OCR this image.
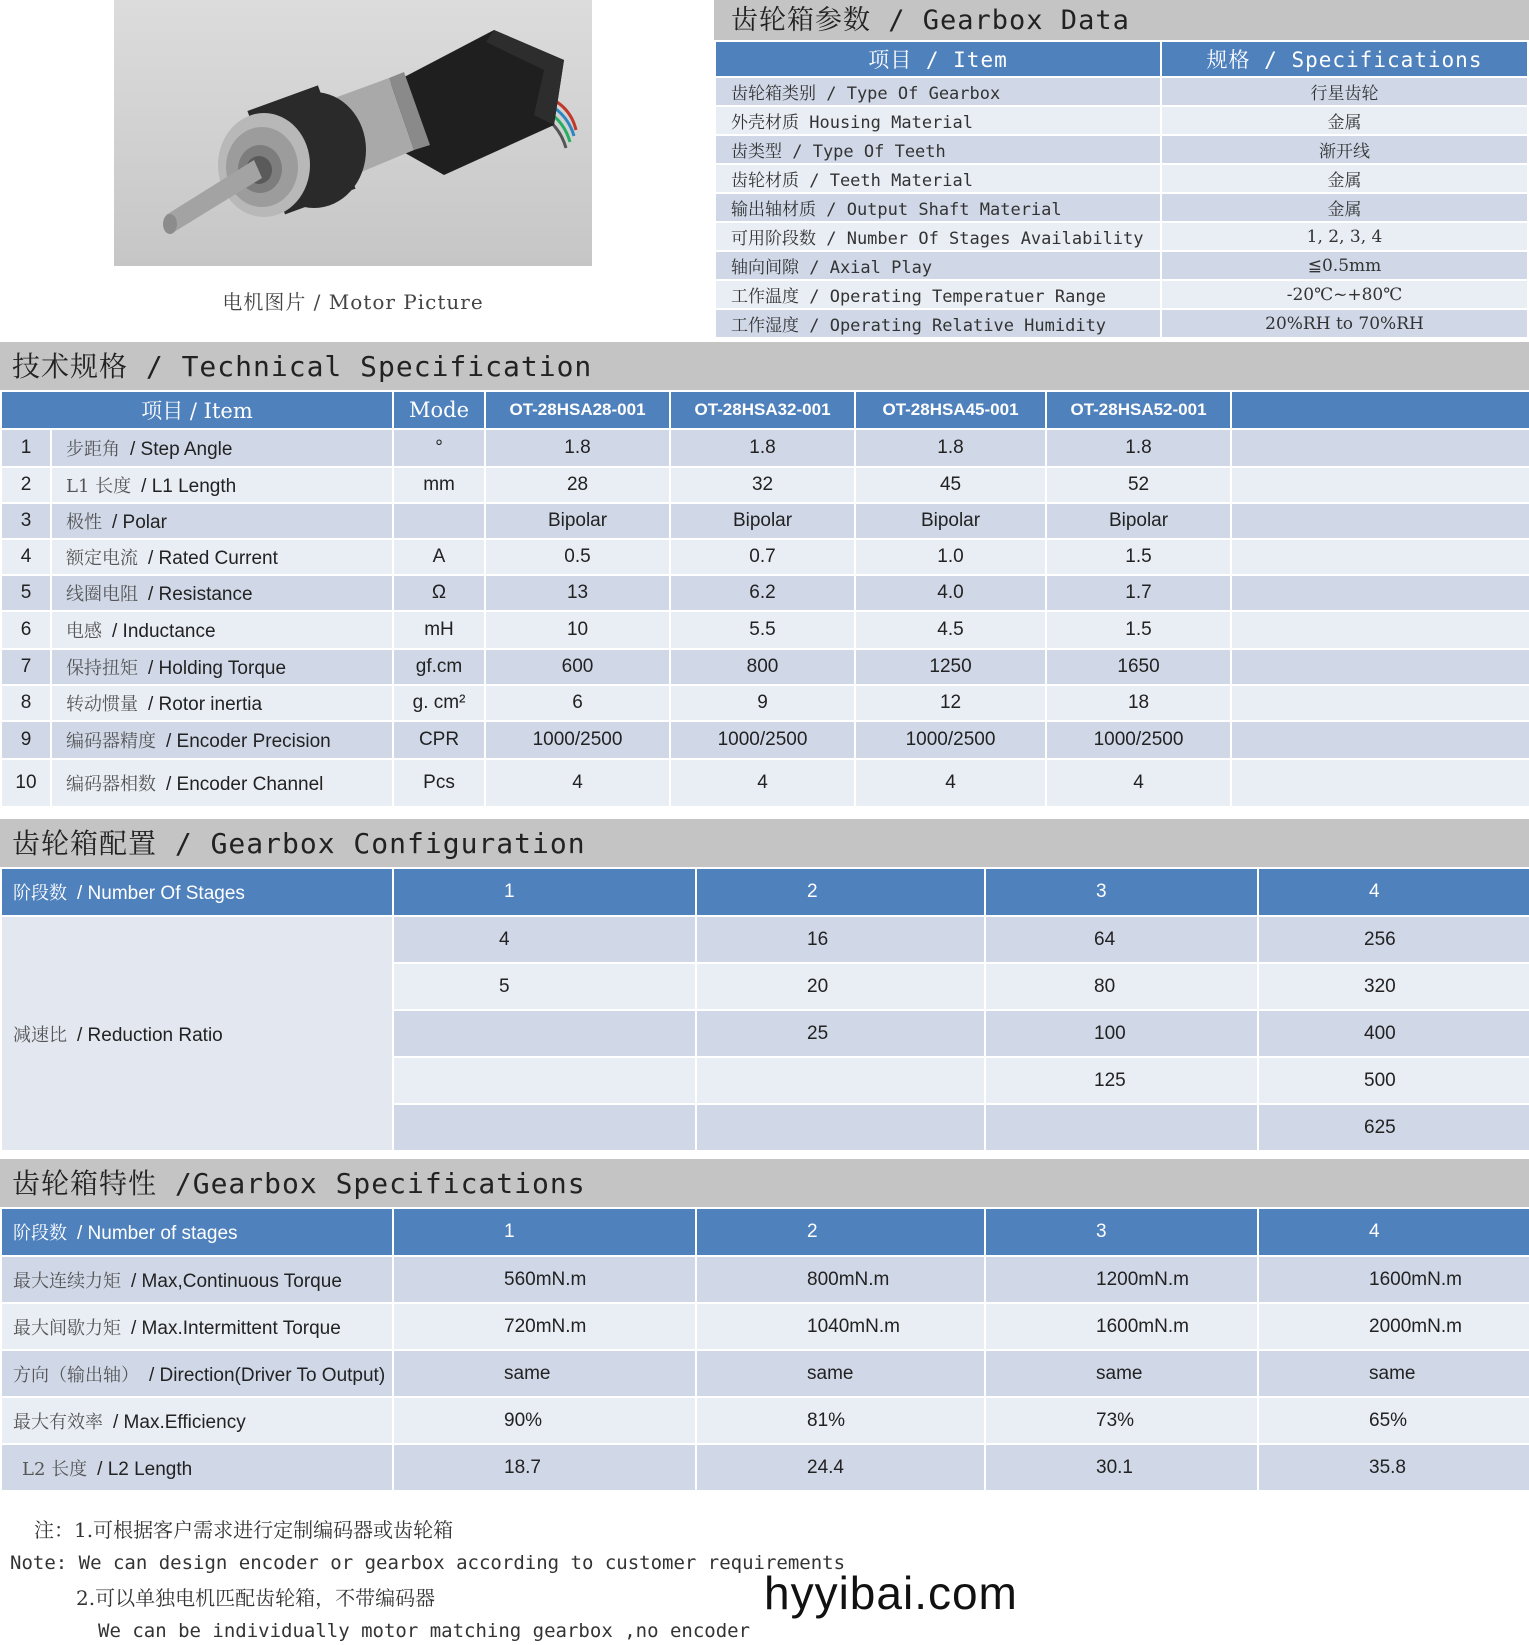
电机图片 / Motor Picture
齿轮箱参数 / Gearbox Data
项目 / Item	规格 / Specifications
齿轮箱类别 / Type Of Gearbox	行星齿轮
外壳材质 Housing Material	金属
齿类型 / Type Of Teeth	渐开线
齿轮材质 / Teeth Material	金属
输出轴材质 / Output Shaft Material	金属
可用阶段数 / Number Of Stages Availability	1, 2, 3, 4
轴向间隙 / Axial Play	≦0.5mm
工作温度 / Operating Temperatuer Range	-20℃~+80℃
工作湿度 / Operating Relative Humidity	20%RH to 70%RH
技术规格 / Technical Specification
项目 / Item		Mode	OT-28HSA28-001	OT-28HSA32-001	OT-28HSA45-001	OT-28HSA52-001	
1	步距角 / Step Angle	°	1.8	1.8	1.8	1.8	
2	L1 长度 / L1 Length	mm	28	32	45	52	
3	极性 / Polar		Bipolar	Bipolar	Bipolar	Bipolar	
4	额定电流 / Rated Current	A	0.5	0.7	1.0	1.5	
5	线圈电阻 / Resistance	Ω	13	6.2	4.0	1.7	
6	电感 / Inductance	mH	10	5.5	4.5	1.5	
7	保持扭矩 / Holding Torque	gf.cm	600	800	1250	1650	
8	转动惯量 / Rotor inertia	g. cm²	6	9	12	18	
9	编码器精度 / Encoder Precision	CPR	1000/2500	1000/2500	1000/2500	1000/2500	
10	编码器相数 / Encoder Channel	Pcs	4	4	4	4	
齿轮箱配置 / Gearbox Configuration
阶段数 / Number Of Stages	1	2	3	4
减速比 / Reduction Ratio	4	16	64	256
	5	20	80	320
		25	100	400
			125	500
				625
齿轮箱特性 /Gearbox Specifications
阶段数 / Number of stages	1	2	3	4
最大连续力矩 / Max,Continuous Torque	560mN.m	800mN.m	1200mN.m	1600mN.m
最大间歇力矩 / Max.Intermittent Torque	720mN.m	1040mN.m	1600mN.m	2000mN.m
方向（输出轴） / Direction(Driver To Output)	same	same	same	same
最大有效率 / Max.Efficiency	90%	81%	73%	65%
L2 长度 / L2 Length	18.7	24.4	30.1	35.8
注：1.可根据客户需求进行定制编码器或齿轮箱
Note: We can design encoder or gearbox according to customer requirements
2.可以单独电机匹配齿轮箱，不带编码器
We can be individually motor matching gearbox ,no encoder
hyyibai.com
